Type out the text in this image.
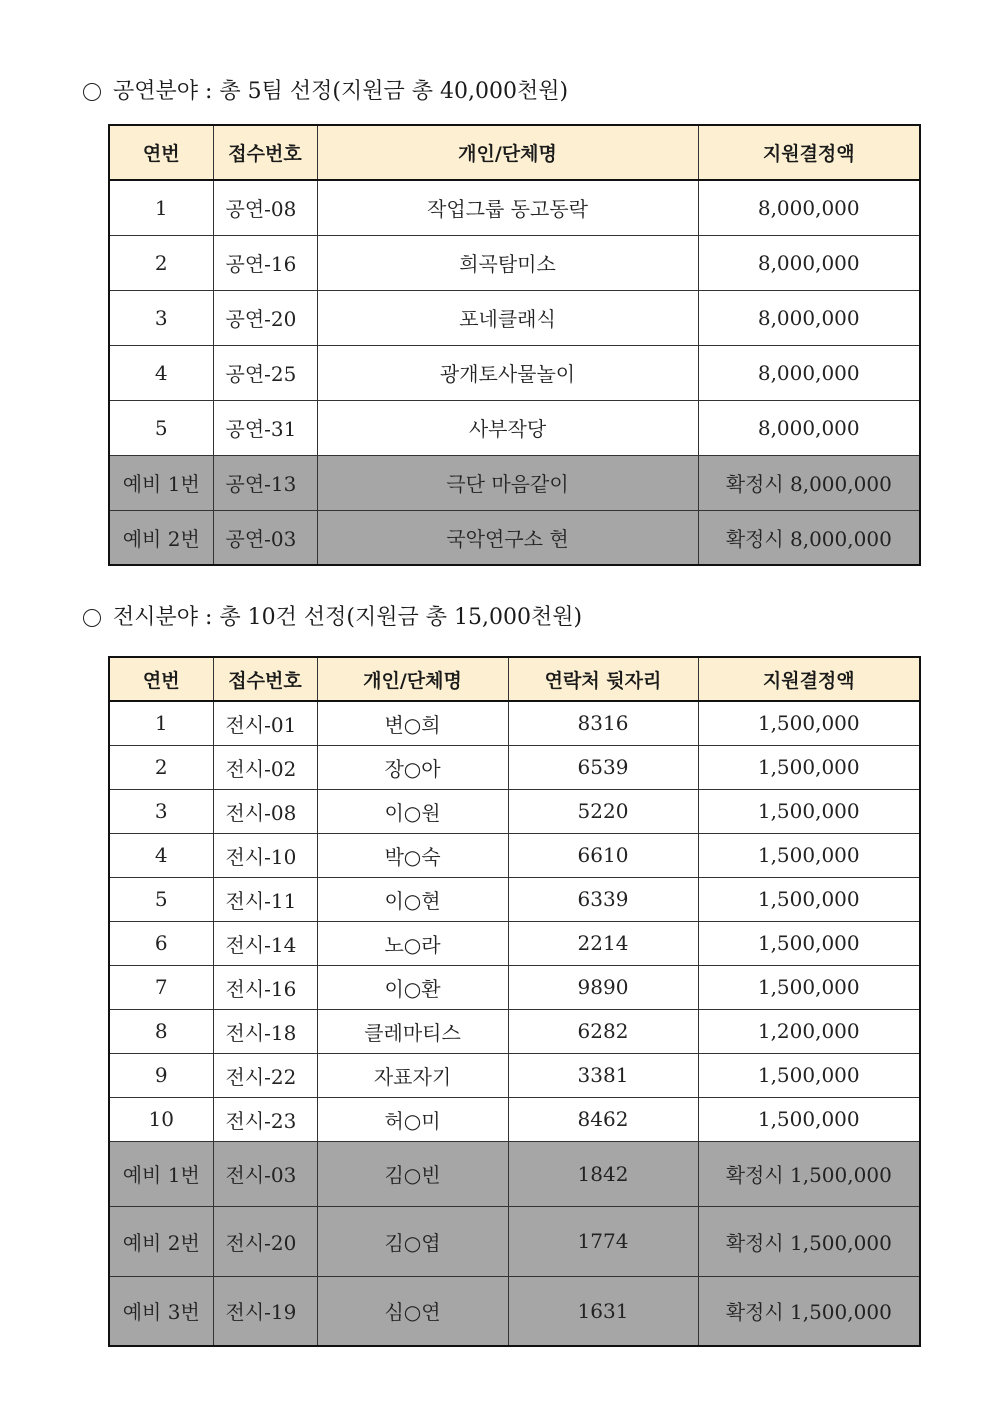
공연분야 : 총 5팀 선정(지원금 총 40,000천원)
연번	접수번호	개인/단체명	지원결정액
1	공연-08	작업그룹 동고동락	8,000,000
2	공연-16	희곡탐미소	8,000,000
3	공연-20	포네클래식	8,000,000
4	공연-25	광개토사물놀이	8,000,000
5	공연-31	사부작당	8,000,000
예비 1번	공연-13	극단 마음같이	확정시 8,000,000
예비 2번	공연-03	국악연구소 현	확정시 8,000,000
전시분야 : 총 10건 선정(지원금 총 15,000천원)
연번	접수번호	개인/단체명	연락처 뒷자리	지원결정액
1	전시-01	변○희	8316	1,500,000
2	전시-02	장○아	6539	1,500,000
3	전시-08	이○원	5220	1,500,000
4	전시-10	박○숙	6610	1,500,000
5	전시-11	이○현	6339	1,500,000
6	전시-14	노○라	2214	1,500,000
7	전시-16	이○환	9890	1,500,000
8	전시-18	클레마티스	6282	1,200,000
9	전시-22	자표자기	3381	1,500,000
10	전시-23	허○미	8462	1,500,000
예비 1번	전시-03	김○빈	1842	확정시 1,500,000
예비 2번	전시-20	김○엽	1774	확정시 1,500,000
예비 3번	전시-19	심○연	1631	확정시 1,500,000
